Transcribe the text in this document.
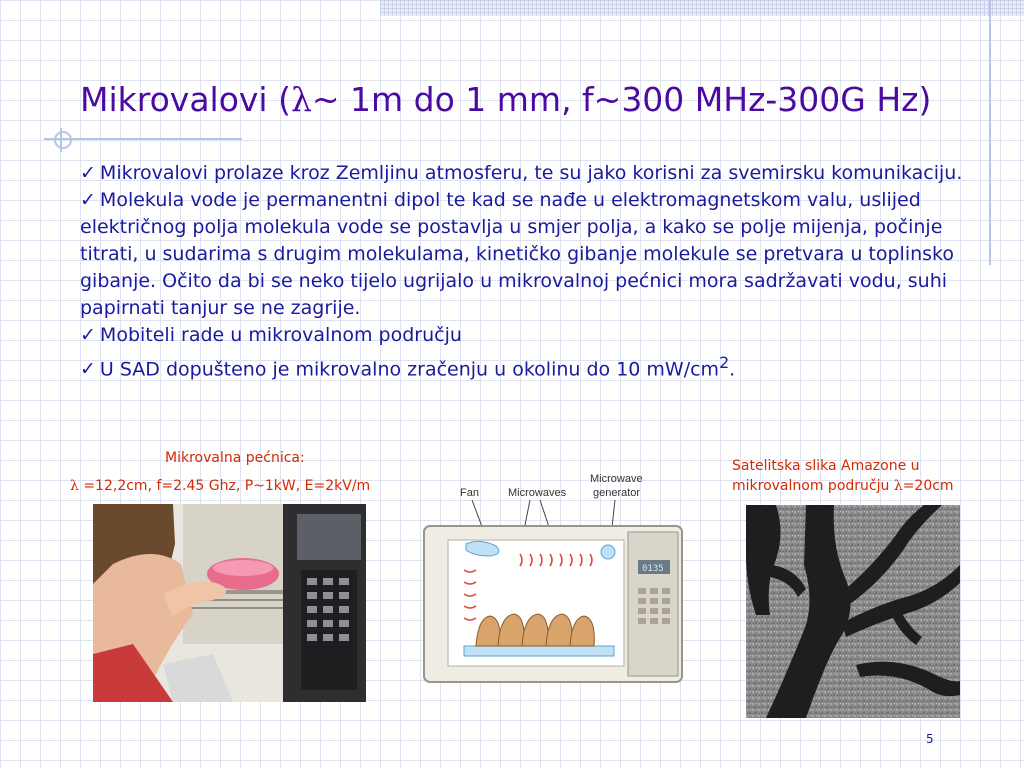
Mikrovalovi (λ~ 1m do 1 mm, f~300 MHz-300G Hz)

✓ Mikrovalovi prolaze kroz Zemljinu atmosferu, te su jako korisni za svemirsku komunikaciju.

✓ Molekula vode je permanentni dipol te kad se nađe u elektromagnetskom valu, uslijed električnog polja molekula vode se postavlja u smjer polja, a kako se polje mijenja, počinje titrati, u sudarima s drugim molekulama, kinetičko gibanje molekule se pretvara u toplinsko gibanje. Očito da bi se neko tijelo ugrijalo u mikrovalnoj pećnici mora sadržavati vodu, suhi papirnati tanjur se ne zagrije.

✓ Mobiteli rade u mikrovalnom području

✓ U SAD dopušteno je mikrovalno zračenju u okolinu do 10 $mW/cm^2$.

Mikrovalna pećnica:
λ =12,2cm, f=2.45 Ghz, P~1kW, E=2kV/m
Satelitska slika Amazone u
mikrovalnom području λ=20cm
Fan	Microwaves
Microwave
generator
0135
5
